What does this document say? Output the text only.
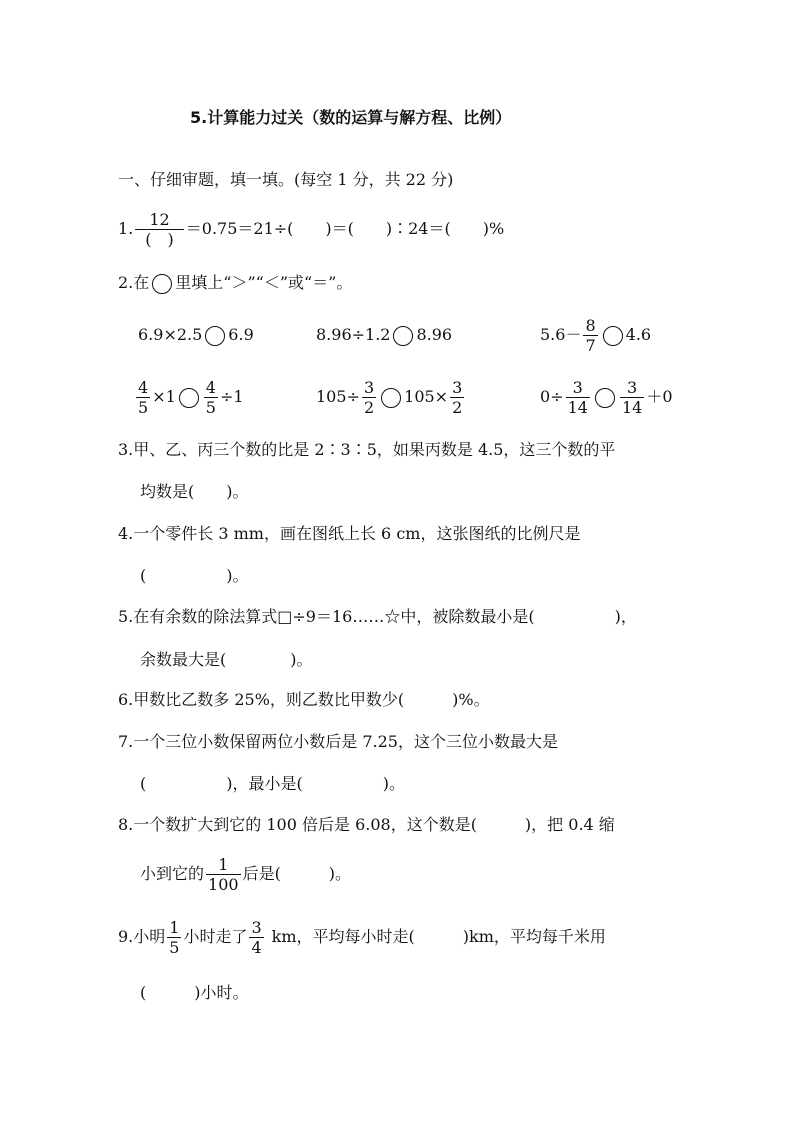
5.计算能力过关（数的运算与解方程、比例）
一、仔细审题，填一填。(每空 1 分，共 22 分)
1. $\frac{12}{( )} =0.75=21\div$(　　)＝(　　)∶24＝(　　)%
2.在 里填上“＞”“＜”或“＝”。
6.9×2.5 6.9	8.96÷1.2 8.96	$5.6- \frac{8}{7} 4.6$
$\frac{4}{5} \times 1 \frac{4}{5} \div 1$	$105\div \frac{3}{2} 105\times \frac{3}{2}$	$0\div \frac{3}{14} \frac{3}{14} +0$
3.甲、乙、丙三个数的比是 2∶3∶5，如果丙数是 4.5，这三个数的平
均数是(　　)。
4.一个零件长 3 mm，画在图纸上长 6 cm，这张图纸的比例尺是
(　　　　　)。
5.在有余数的除法算式□÷9＝16……☆中，被除数最小是(　　　　　)，
余数最大是(　　　　)。
6.甲数比乙数多 25%，则乙数比甲数少(　　　)%。
7.一个三位小数保留两位小数后是 7.25，这个三位小数最大是
(　　　　　)，最小是(　　　　　)。
8.一个数扩大到它的 100 倍后是 6.08，这个数是(　　　)，把 0.4 缩
小到它的 $\frac{1}{100}$ 后是(　　　)。
9.小明 $\frac{1}{5}$ 小时走了 $\frac{3}{4}$ km，平均每小时走(　　　)km，平均每千米用
(　　　)小时。
